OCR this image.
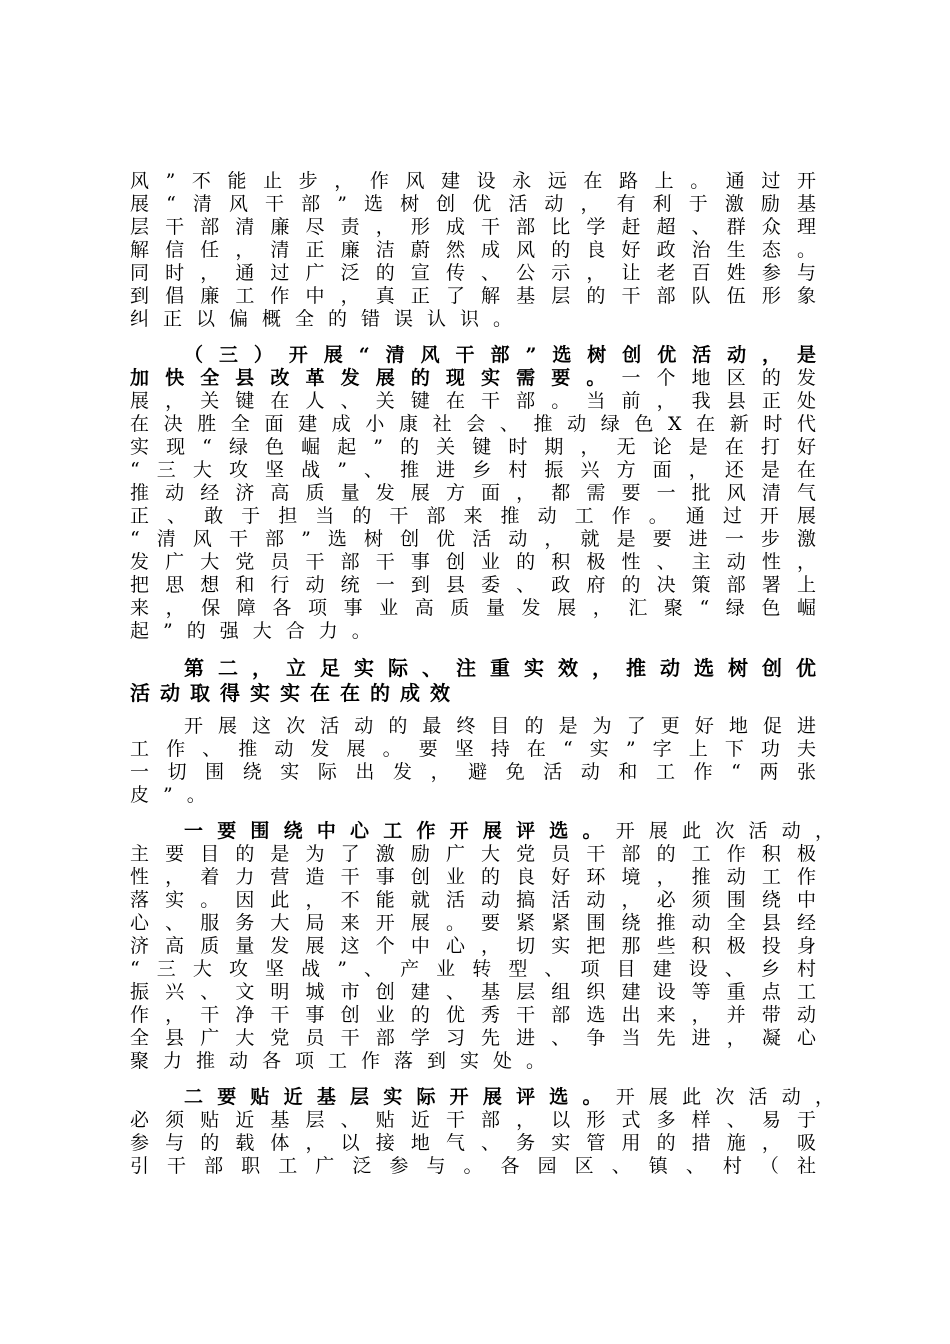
风”不能止步，作风建设永远在路上。通过开
展“清风干部”选树创优活动，有利于激励基
层干部清廉尽责，形成干部比学赶超、群众理
解信任，清正廉洁蔚然成风的良好政治生态。
同时，通过广泛的宣传、公示，让老百姓参与
到倡廉工作中，真正了解基层的干部队伍形象
纠正以偏概全的错误认识。
（三）开展“清风干部”选树创优活动，是
加快全县改革发展的现实需要。一个地区的发
展，关键在人、关键在干部。当前，我县正处
在决胜全面建成小康社会、推动绿色X在新时代
实现“绿色崛起”的关键时期，无论是在打好
“三大攻坚战”、推进乡村振兴方面，还是在
推动经济高质量发展方面，都需要一批风清气
正、敢于担当的干部来推动工作。通过开展
“清风干部”选树创优活动，就是要进一步激
发广大党员干部干事创业的积极性、主动性，
把思想和行动统一到县委、政府的决策部署上
来，保障各项事业高质量发展，汇聚“绿色崛
起”的强大合力。
第二，立足实际、注重实效，推动选树创优
活动取得实实在在的成效
开展这次活动的最终目的是为了更好地促进
工作、推动发展。要坚持在“实”字上下功夫
一切围绕实际出发，避免活动和工作“两张
皮”。
一要围绕中心工作开展评选。开展此次活动，
主要目的是为了激励广大党员干部的工作积极
性，着力营造干事创业的良好环境，推动工作
落实。因此，不能就活动搞活动，必须围绕中
心、服务大局来开展。要紧紧围绕推动全县经
济高质量发展这个中心，切实把那些积极投身
“三大攻坚战”、产业转型、项目建设、乡村
振兴、文明城市创建、基层组织建设等重点工
作，干净干事创业的优秀干部选出来，并带动
全县广大党员干部学习先进、争当先进，凝心
聚力推动各项工作落到实处。
二要贴近基层实际开展评选。开展此次活动，
必须贴近基层、贴近干部，以形式多样、易于
参与的载体，以接地气、务实管用的措施，吸
引干部职工广泛参与。各园区、镇、村（社
